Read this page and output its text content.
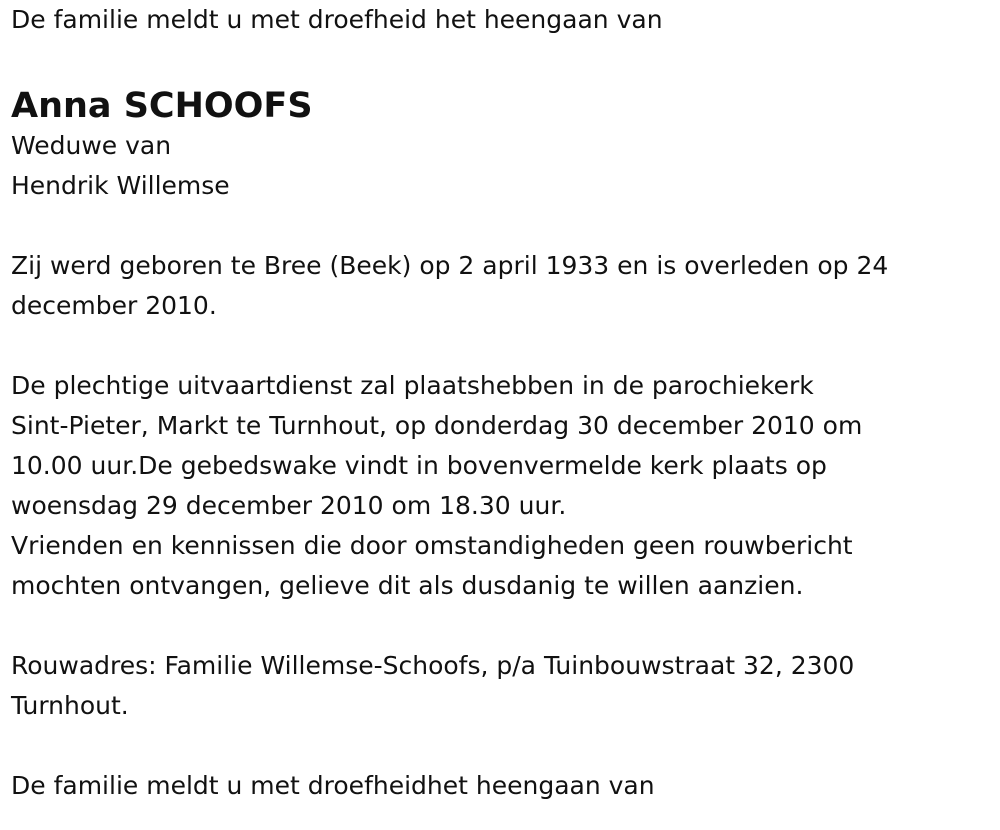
De familie meldt u met droefheid het heengaan van

Anna SCHOOFS

Weduwe van

Hendrik Willemse

Zij werd geboren te Bree (Beek) op 2 april 1933 en is overleden op 24

december 2010.

De plechtige uitvaartdienst zal plaatshebben in de parochiekerk

Sint-Pieter, Markt te Turnhout, op donderdag 30 december 2010 om

10.00 uur.De gebedswake vindt in bovenvermelde kerk plaats op

woensdag 29 december 2010 om 18.30 uur.

Vrienden en kennissen die door omstandigheden geen rouwbericht

mochten ontvangen, gelieve dit als dusdanig te willen aanzien.

Rouwadres: Familie Willemse-Schoofs, p/a Tuinbouwstraat 32, 2300

Turnhout.

De familie meldt u met droefheidhet heengaan van
